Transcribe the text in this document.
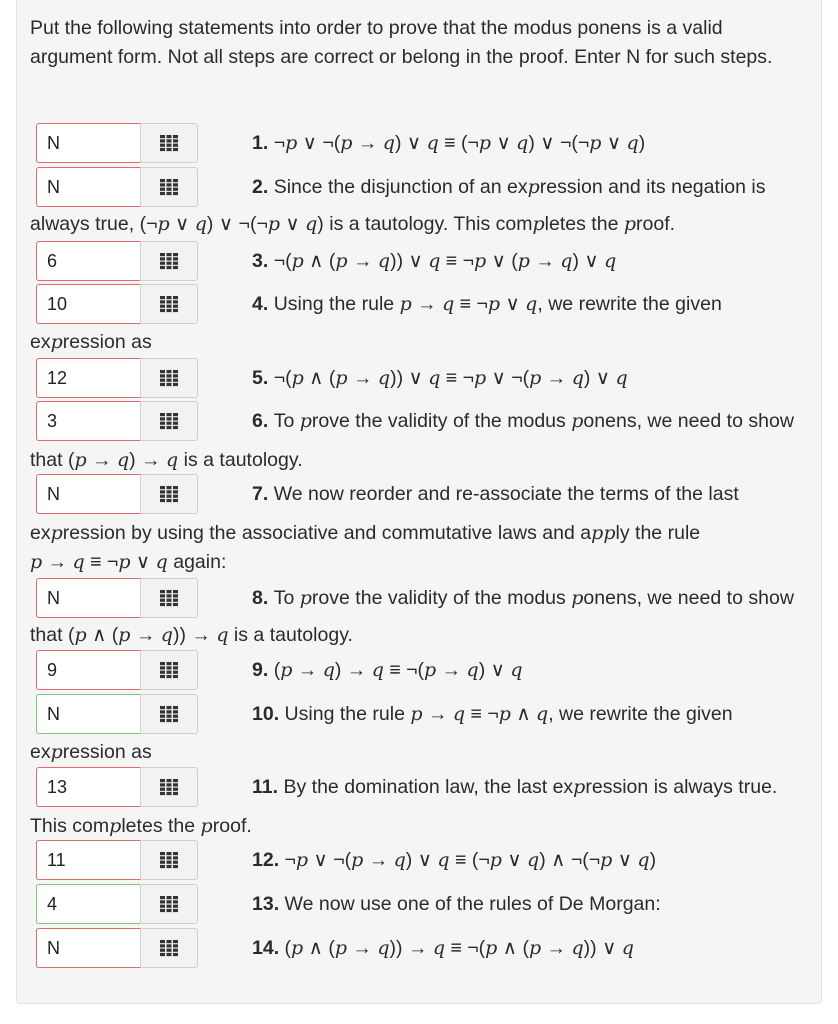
Put the following statements into order to prove that the modus ponens is a valid argument form. Not all steps are correct or belong in the proof. Enter N for such steps.
N
1. ¬p ∨ ¬(p → q) ∨ q ≡ (¬p ∨ q) ∨ ¬(¬p ∨ q)
N
2. Since the disjunction of an expression and its negation is
always true, (¬p ∨ q) ∨ ¬(¬p ∨ q) is a tautology. This completes the proof.
6
3. ¬(p ∧ (p → q)) ∨ q ≡ ¬p ∨ (p → q) ∨ q
10
4. Using the rule p → q ≡ ¬p ∨ q, we rewrite the given
expression as
12
5. ¬(p ∧ (p → q)) ∨ q ≡ ¬p ∨ ¬(p → q) ∨ q
3
6. To prove the validity of the modus ponens, we need to show
that (p → q) → q is a tautology.
N
7. We now reorder and re-associate the terms of the last
expression by using the associative and commutative laws and apply the rule
p → q ≡ ¬p ∨ q again:
N
8. To prove the validity of the modus ponens, we need to show
that (p ∧ (p → q)) → q is a tautology.
9
9. (p → q) → q ≡ ¬(p → q) ∨ q
N
10. Using the rule p → q ≡ ¬p ∧ q, we rewrite the given
expression as
13
11. By the domination law, the last expression is always true.
This completes the proof.
11
12. ¬p ∨ ¬(p → q) ∨ q ≡ (¬p ∨ q) ∧ ¬(¬p ∨ q)
4
13. We now use one of the rules of De Morgan:
N
14. (p ∧ (p → q)) → q ≡ ¬(p ∧ (p → q)) ∨ q
